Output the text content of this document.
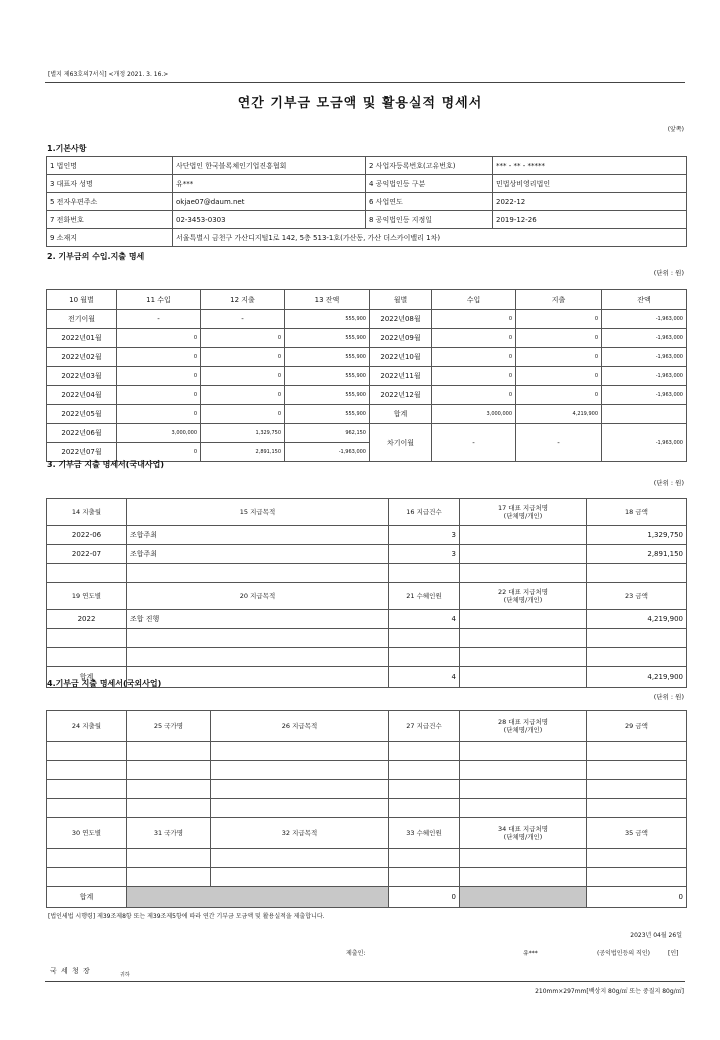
[별지 제63호의7서식] <개정 2021. 3. 16.>
연간 기부금 모금액 및 활용실적 명세서
(앞쪽)
1.기본사항
1 법인명	사단법인 한국블록체인기업진흥협회	2 사업자등록번호(고유번호)	*** - ** - *****
3 대표자 성명	유***	4 공익법인등 구분	민법상비영리법인
5 전자우편주소	okjae07@daum.net	6 사업연도	2022-12
7 전화번호	02-3453-0303	8 공익법인등 지정일	2019-12-26
9 소재지	서울특별시 금천구 가산디지털1로 142, 5층 513-1호(가산동, 가산 더스카이밸리 1차)		
2. 기부금의 수입.지출 명세
(단위 : 원)
10 월별	11 수입	12 지출	13 잔액	월별	수입	지출	잔액
전기이월	-	-	555,900	2022년08월	0	0	-1,963,000
2022년01월	0	0	555,900	2022년09월	0	0	-1,963,000
2022년02월	0	0	555,900	2022년10월	0	0	-1,963,000
2022년03월	0	0	555,900	2022년11월	0	0	-1,963,000
2022년04월	0	0	555,900	2022년12월	0	0	-1,963,000
2022년05월	0	0	555,900	합계	3,000,000	4,219,900	
2022년06월	3,000,000	1,329,750	962,150	차기이월	-	-	-1,963,000
2022년07월	0	2,891,150	-1,963,000				
3. 기부금 지출 명세서(국내사업)
(단위 : 원)
14 지출월	15 지급목적	16 지급건수	17 대표 지급처명
(단체명/개인)	18 금액
2022-06	조합주최	3		1,329,750
2022-07	조합주최	3		2,891,150

19 연도별	20 지급목적	21 수혜인원	22 대표 지급처명
(단체명/개인)	23 금액
2022	조합 진행	4		4,219,900

합계		4		4,219,900
4.기부금 지출 명세서(국외사업)
(단위 : 원)
24 지출월	25 국가명	26 지급목적	27 지급건수	28 대표 지급처명
(단체명/개인)	29 금액

30 연도별	31 국가명	32 지급목적	33 수혜인원	34 대표 지급처명
(단체명/개인)	35 금액

합계			0		0
[법인세법 시행령] 제39조제8항 또는 제39조제5항에 따라 연간 기부금 모금액 및 활용실적을 제출합니다.
2023년 04월 26일
제출인:	유***	(공익법인등의 직인)	[인]
국 세 청 장	귀하
210mm×297mm[백상지 80g/㎡ 또는 중질지 80g/㎡]
